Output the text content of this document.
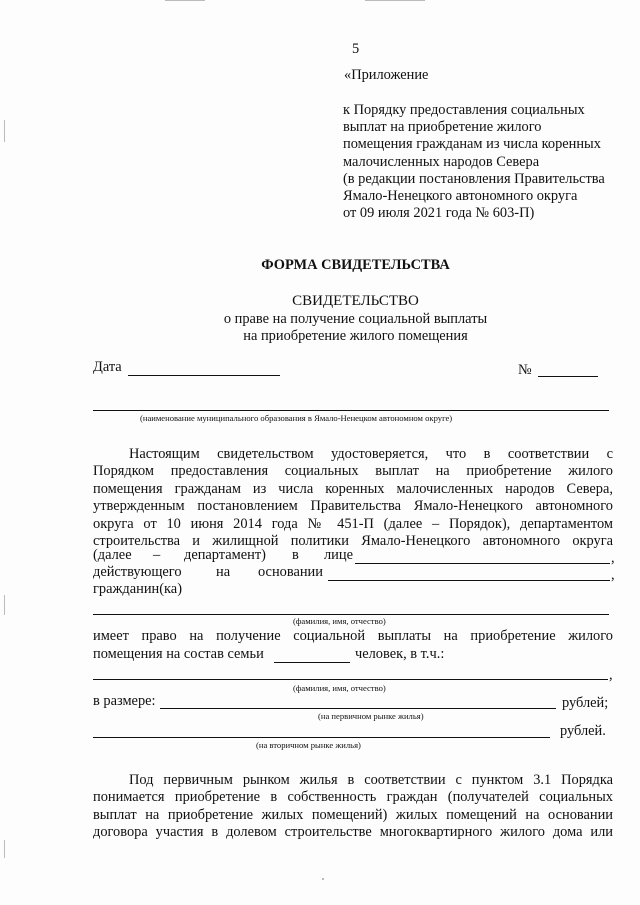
5
«Приложение
к Порядку предоставления социальных
выплат на приобретение жилого
помещения гражданам из числа коренных
малочисленных народов Севера
(в редакции постановления Правительства
Ямало-Ненецкого автономного округа
от 09 июля 2021 года № 603-П)
ФОРМА СВИДЕТЕЛЬСТВА
СВИДЕТЕЛЬСТВО
о праве на получение социальной выплаты
на приобретение жилого помещения
Дата	№
(наименование муниципального образования в Ямало-Ненецком автономном округе)
Настоящим свидетельством удостоверяется, что в соответствии с
Порядком предоставления социальных выплат на приобретение жилого
помещения гражданам из числа коренных малочисленных народов Севера,
утвержденным постановлением Правительства Ямало-Ненецкого автономного
округа от 10 июня 2014 года № 451-П (далее – Порядок), департаментом
строительства и жилищной политики Ямало-Ненецкого автономного округа
(далее – департамент) в лице	,
действующего на основании	,
гражданин(ка)
(фамилия, имя, отчество)
имеет право на получение социальной выплаты на приобретение жилого
помещения на состав семьи	человек, в т.ч.:
,
(фамилия, имя, отчество)
в размере:	рублей;
(на первичном рынке жилья)
рублей.
(на вторичном рынке жилья)
Под первичным рынком жилья в соответствии с пунктом 3.1 Порядка
понимается приобретение в собственность граждан (получателей социальных
выплат на приобретение жилых помещений) жилых помещений на основании
договора участия в долевом строительстве многоквартирного жилого дома или
